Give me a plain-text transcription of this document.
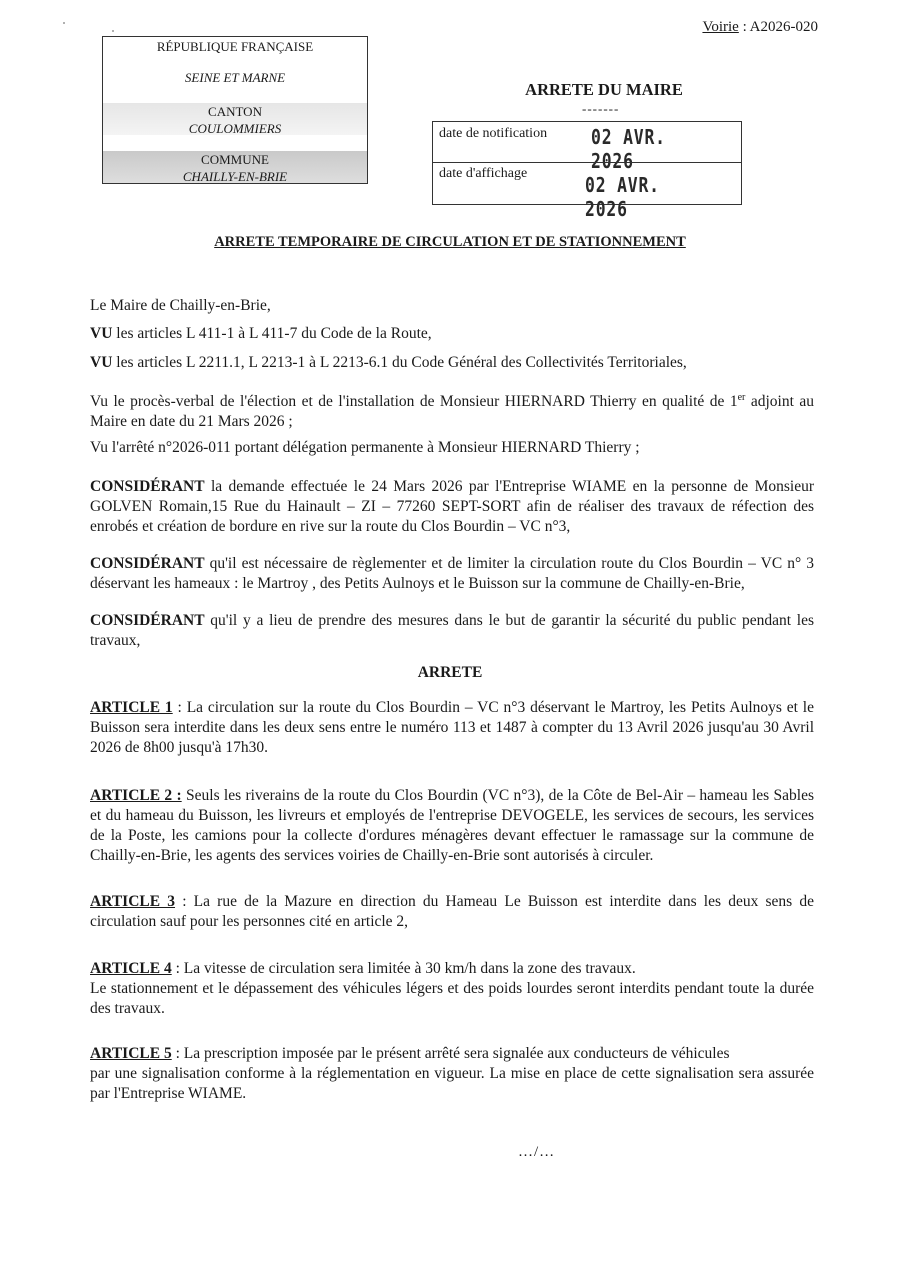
Voirie : A2026-020
RÉPUBLIQUE FRANÇAISE
SEINE ET MARNE
CANTON
COULOMMIERS
COMMUNE
CHAILLY-EN-BRIE
ARRETE DU MAIRE
-------
date de notification 02 AVR. 2026
date d'affichage	02 AVR. 2026
ARRETE TEMPORAIRE DE CIRCULATION ET DE STATIONNEMENT
Le Maire de Chailly-en-Brie,
VU les articles L 411-1 à L 411-7 du Code de la Route,
VU les articles L 2211.1, L 2213-1 à L 2213-6.1 du Code Général des Collectivités Territoriales,
Vu le procès-verbal de l'élection et de l'installation de Monsieur HIERNARD Thierry en qualité de 1er adjoint au Maire en date du 21 Mars 2026 ;
Vu l'arrêté n°2026-011 portant délégation permanente à Monsieur HIERNARD Thierry ;
CONSIDÉRANT la demande effectuée le 24 Mars 2026 par l'Entreprise WIAME en la personne de Monsieur GOLVEN Romain,15 Rue du Hainault – ZI – 77260 SEPT-SORT afin de réaliser des travaux de réfection des enrobés et création de bordure en rive sur la route du Clos Bourdin – VC n°3,
CONSIDÉRANT qu'il est nécessaire de règlementer et de limiter la circulation route du Clos Bourdin – VC n° 3 déservant les hameaux : le Martroy , des Petits Aulnoys et le Buisson sur la commune de Chailly-en-Brie,
CONSIDÉRANT qu'il y a lieu de prendre des mesures dans le but de garantir la sécurité du public pendant les travaux,
ARRETE
ARTICLE 1 : La circulation sur la route du Clos Bourdin – VC n°3 déservant le Martroy, les Petits Aulnoys et le Buisson sera interdite dans les deux sens entre le numéro 113 et 1487 à compter du 13 Avril 2026 jusqu'au 30 Avril 2026 de 8h00 jusqu'à 17h30.
ARTICLE 2 : Seuls les riverains de la route du Clos Bourdin (VC n°3), de la Côte de Bel-Air – hameau les Sables et du hameau du Buisson, les livreurs et employés de l'entreprise DEVOGELE, les services de secours, les services de la Poste, les camions pour la collecte d'ordures ménagères devant effectuer le ramassage sur la commune de Chailly-en-Brie, les agents des services voiries de Chailly-en-Brie sont autorisés à circuler.
ARTICLE 3 : La rue de la Mazure en direction du Hameau Le Buisson est interdite dans les deux sens de circulation sauf pour les personnes cité en article 2,
ARTICLE 4 : La vitesse de circulation sera limitée à 30 km/h dans la zone des travaux.
Le stationnement et le dépassement des véhicules légers et des poids lourdes seront interdits pendant toute la durée des travaux.
ARTICLE 5 : La prescription imposée par le présent arrêté sera signalée aux conducteurs de véhicules
par une signalisation conforme à la réglementation en vigueur. La mise en place de cette signalisation sera assurée par l'Entreprise WIAME.
…/…
